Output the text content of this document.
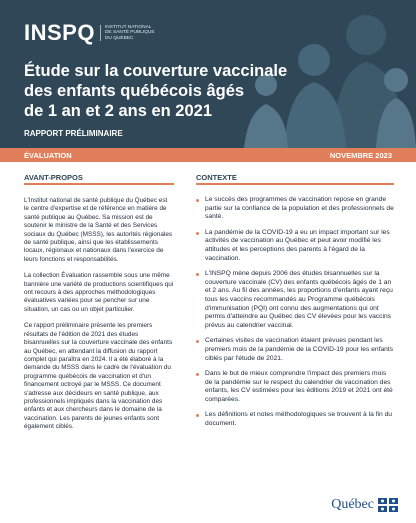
INSPQ INSTITUT NATIONAL
DE SANTÉ PUBLIQUE
DU QUÉBEC
Étude sur la couverture vaccinale
des enfants québécois âgés
de 1 an et 2 ans en 2021
RAPPORT PRÉLIMINAIRE
ÉVALUATION	NOVEMBRE 2023
AVANT-PROPOS	CONTEXTE

L'Institut national de santé publique du Québec est le centre d'expertise et de référence en matière de santé publique au Québec. Sa mission est de soutenir le ministre de la Santé et des Services sociaux du Québec (MSSS), les autorités régionales de santé publique, ainsi que les établissements locaux, régionaux et nationaux dans l'exercice de leurs fonctions et responsabilités.

La collection Évaluation rassemble sous une même bannière une variété de productions scientifiques qui ont recours à des approches méthodologiques évaluatives variées pour se pencher sur une situation, un cas ou un objet particulier.

Ce rapport préliminaire présente les premiers résultats de l'édition de 2021 des études bisannuelles sur la couverture vaccinale des enfants au Québec, en attendant la diffusion du rapport complet qui paraîtra en 2024. Il a été élaboré à la demande du MSSS dans le cadre de l'évaluation du programme québécois de vaccination et d'un financement octroyé par le MSSS. Ce document s'adresse aux décideurs en santé publique, aux professionnels impliqués dans la vaccination des enfants et aux chercheurs dans le domaine de la vaccination. Les parents de jeunes enfants sont également ciblés.

Le succès des programmes de vaccination repose en grande partie sur la confiance de la population et des professionnels de santé.
La pandémie de la COVID-19 a eu un impact important sur les activités de vaccination au Québec et peut avoir modifié les attitudes et les perceptions des parents à l'égard de la vaccination.
L'INSPQ mène depuis 2006 des études bisannuelles sur la couverture vaccinale (CV) des enfants québécois âgés de 1 an et 2 ans. Au fil des années, les proportions d'enfants ayant reçu tous les vaccins recommandés au Programme québécois d'immunisation (PQI) ont connu des augmentations qui ont permis d'atteindre au Québec des CV élevées pour les vaccins prévus au calendrier vaccinal.
Certaines visites de vaccination étaient prévues pendant les premiers mois de la pandémie de la COVID-19 pour les enfants ciblés par l'étude de 2021.
Dans le but de mieux comprendre l'impact des premiers mois de la pandémie sur le respect du calendrier de vaccination des enfants, les CV estimées pour les éditions 2019 et 2021 ont été comparées.
Les définitions et notes méthodologiques se trouvent à la fin du document.
Québec
